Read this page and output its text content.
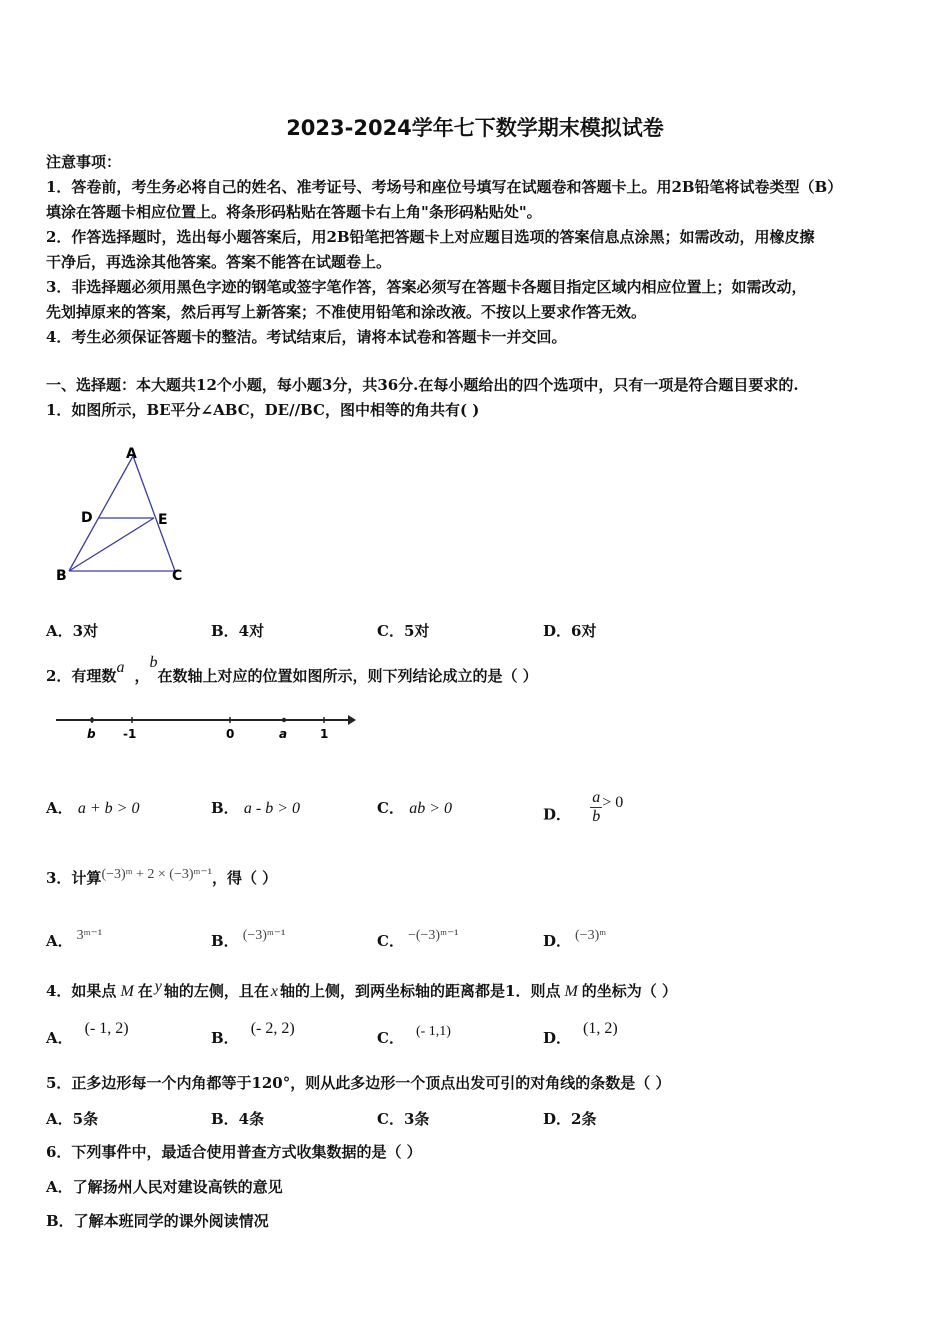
2023-2024学年七下数学期末模拟试卷

注意事项：

1．答卷前，考生务必将自己的姓名、准考证号、考场号和座位号填写在试题卷和答题卡上。用2B铅笔将试卷类型（B）

填涂在答题卡相应位置上。将条形码粘贴在答题卡右上角"条形码粘贴处"。

2．作答选择题时，选出每小题答案后，用2B铅笔把答题卡上对应题目选项的答案信息点涂黑；如需改动，用橡皮擦

干净后，再选涂其他答案。答案不能答在试题卷上。

3．非选择题必须用黑色字迹的钢笔或签字笔作答，答案必须写在答题卡各题目指定区域内相应位置上；如需改动，

先划掉原来的答案，然后再写上新答案；不准使用铅笔和涂改液。不按以上要求作答无效。

4．考生必须保证答题卡的整洁。考试结束后，请将本试卷和答题卡一并交回。

一、选择题：本大题共12个小题，每小题3分，共36分.在每小题给出的四个选项中，只有一项是符合题目要求的.
1．如图所示，BE平分∠ABC，DE//BC，图中相等的角共有( )
A
D	E
B	C
A．3对	B．4对	C．5对	D．6对
2．有理数a ，b在数轴上对应的位置如图所示，则下列结论成立的是（ ）
b -1	0	a	1
A． a + b > 0	B． a - b > 0	C． ab > 0	D． $\frac{a}{b} > 0$
3．计算(−3)ᵐ + 2 × (−3)ᵐ⁻¹，得（ ）
A． 3ᵐ⁻¹	B． (−3)ᵐ⁻¹	C． −(−3)ᵐ⁻¹	D． (−3)ᵐ
4．如果点 M 在 y 轴的左侧，且在 x 轴的上侧，到两坐标轴的距离都是1．则点 M 的坐标为（ ）
A．(- 1, 2)
B．(- 2, 2)
C． (- 1,1)	D．(1, 2)
5．正多边形每一个内角都等于120°，则从此多边形一个顶点出发可引的对角线的条数是（ ）
A．5条	B．4条	C．3条	D．2条
6．下列事件中，最适合使用普查方式收集数据的是（ ）
A．了解扬州人民对建设高铁的意见
B．了解本班同学的课外阅读情况
